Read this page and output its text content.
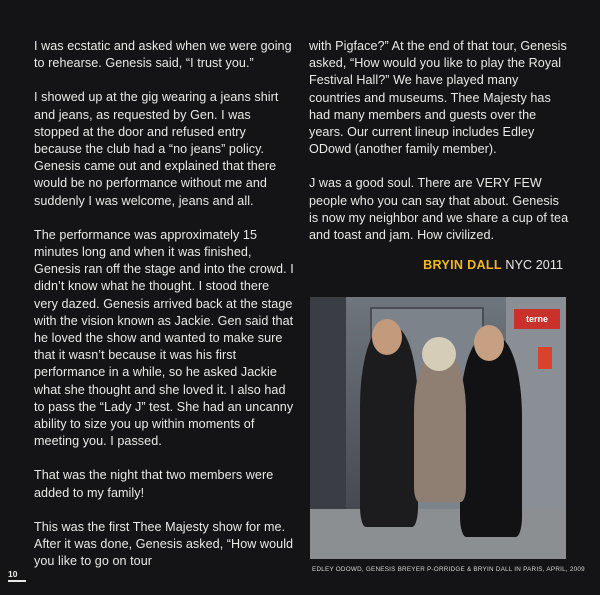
I was ecstatic and asked when we were going to rehearse. Genesis said, “I trust you.”

I showed up at the gig wearing a jeans shirt and jeans, as requested by Gen. I was stopped at the door and refused entry because the club had a “no jeans” policy. Genesis came out and explained that there would be no performance without me and suddenly I was welcome, jeans and all.

The performance was approximately 15 minutes long and when it was finished, Genesis ran off the stage and into the crowd. I didn’t know what he thought. I stood there very dazed. Genesis arrived back at the stage with the vision known as Jackie. Gen said that he loved the show and wanted to make sure that it wasn’t because it was his first performance in a while, so he asked Jackie what she thought and she loved it. I also had to pass the “Lady J” test. She had an uncanny ability to size you up within moments of meeting you. I passed.

That was the night that two members were added to my family!

This was the first Thee Majesty show for me. After it was done, Genesis asked, “How would you like to go on tour

with Pigface?” At the end of that tour, Genesis asked, “How would you like to play the Royal Festival Hall?” We have played many countries and museums. Thee Majesty has had many members and guests over the years. Our current lineup includes Edley ODowd (another family member).

J was a good soul. There are VERY FEW people who you can say that about. Genesis is now my neighbor and we share a cup of tea and toast and jam. How civilized.

BRYIN DALL NYC 2011
terne
EDLEY ODOWD, GENESIS BREYER P-ORRIDGE & BRYIN DALL IN PARIS, APRIL, 2009
10
